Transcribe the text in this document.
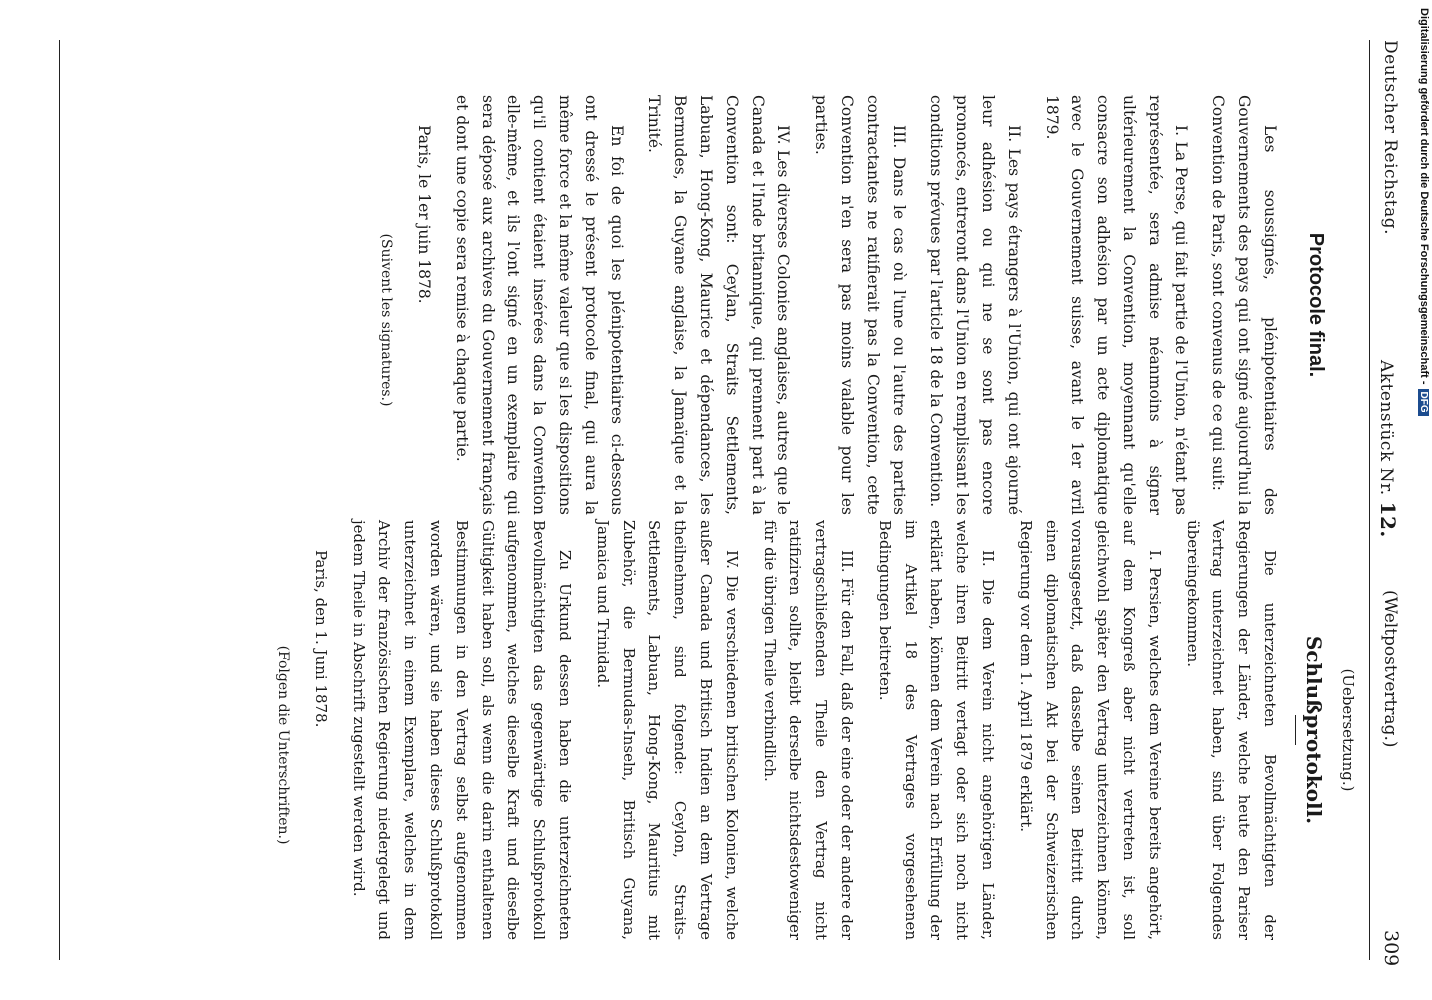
Deutscher Reichstag.
Aktenstück Nr. 12.
(Weltpostvertrag.)
309
Protocole final.
(Uebersetzung.)
Schlußprotokoll.

Les soussignés, plénipotentiaires des Gouvernements des pays qui ont signé aujourd'hui la Convention de Paris, sont convenus de ce qui suit:

I. La Perse, qui fait partie de l'Union, n'étant pas représentée, sera admise néanmoins à signer ultérieurement la Convention, moyennant qu'elle consacre son adhésion par un acte diplomatique avec le Gouvernement suisse, avant le 1er avril 1879.

II. Les pays étrangers à l'Union, qui ont ajourné leur adhésion ou qui ne se sont pas encore prononcés, entreront dans l'Union en remplissant les conditions prévues par l'article 18 de la Convention.

III. Dans le cas où l'une ou l'autre des parties contractantes ne ratifierait pas la Convention, cette Convention n'en sera pas moins valable pour les parties.

IV. Les diverses Colonies anglaises, autres que le Canada et l'Inde britannique, qui prennent part à la Convention sont: Ceylan, Straits Settlements, Labuan, Hong-Kong, Maurice et dépendances, les Bermudes, la Guyane anglaise, la Jamaïque et la Trinité.

En foi de quoi les plénipotentiaires ci-dessous ont dressé le présent protocole final, qui aura la même force et la même valeur que si les dispositions qu'il contient étaient insérées dans la Convention elle-même, et ils l'ont signé en un exemplaire qui sera déposé aux archives du Gouvernement français et dont une copie sera remise à chaque partie.

Paris, le 1er juin 1878.

(Suivent les signatures.)

Die unterzeichneten Bevollmächtigten der Regierungen der Länder, welche heute den Pariser Vertrag unterzeichnet haben, sind über Folgendes übereingekommen.

I. Persien, welches dem Vereine bereits angehört, auf dem Kongreß aber nicht vertreten ist, soll gleichwohl später den Vertrag unterzeichnen können, vorausgesetzt, daß dasselbe seinen Beitritt durch einen diplomatischen Akt bei der Schweizerischen Regierung vor dem 1. April 1879 erklärt.

II. Die dem Verein nicht angehörigen Länder, welche ihren Beitritt vertagt oder sich noch nicht erklärt haben, können dem Verein nach Erfüllung der im Artikel 18 des Vertrages vorgesehenen Bedingungen beitreten.

III. Für den Fall, daß der eine oder der andere der vertragschließenden Theile den Vertrag nicht ratifiziren sollte, bleibt derselbe nichtsdestoweniger für die übrigen Theile verbindlich.

IV. Die verschiedenen britischen Kolonien, welche außer Canada und Britisch Indien an dem Vertrage theilnehmen, sind folgende: Ceylon, Straits-Settlements, Labuan, Hong-Kong, Mauritius mit Zubehör, die Bermudas-Inseln, Britisch Guyana, Jamaica und Trinidad.

Zu Urkund dessen haben die unterzeichneten Bevollmächtigten das gegenwärtige Schlußprotokoll aufgenommen, welches dieselbe Kraft und dieselbe Gültigkeit haben soll, als wenn die darin enthaltenen Bestimmungen in den Vertrag selbst aufgenommen worden wären, und sie haben dieses Schlußprotokoll unterzeichnet in einem Exemplare, welches in dem Archiv der französischen Regierung niedergelegt und jedem Theile in Abschrift zugestellt werden wird.

Paris, den 1. Juni 1878.

(Folgen die Unterschriften.)

Digitalisierung gefördert durch die Deutsche Forschungsgemeinschaft -DFG
